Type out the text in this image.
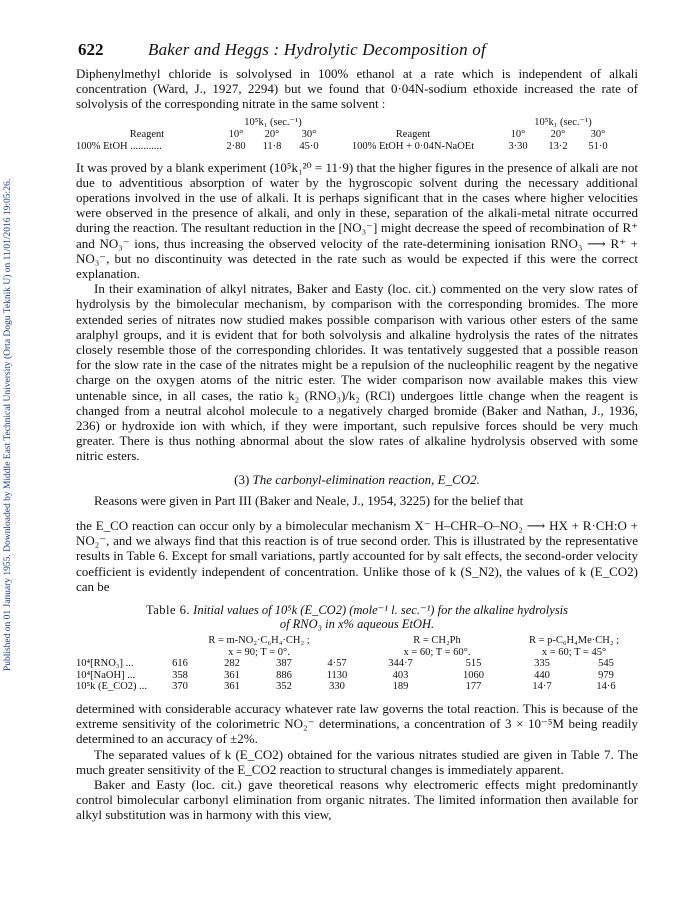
Published on 01 January 1955. Downloaded by Middle East Technical University (Orta Dogu Teknik U) on 11/01/2016 19:05:26.
622	Baker and Heggs : Hydrolytic Decomposition of

Diphenylmethyl chloride is solvolysed in 100% ethanol at a rate which is independent of alkali concentration (Ward, J., 1927, 2294) but we found that 0·04N-sodium ethoxide increased the rate of solvolysis of the corresponding nitrate in the same solvent :

10⁵k₁ (sec.⁻¹)	10⁵k₁ (sec.⁻¹)
Reagent	10°	20°	30°	Reagent	10°	20°	30°
100% EtOH ............	2·80	11·8	45·0	100% EtOH + 0·04N-NaOEt	3·30	13·2	51·0

It was proved by a blank experiment (10⁵k₁²⁰ = 11·9) that the higher figures in the presence of alkali are not due to adventitious absorption of water by the hygroscopic solvent during the necessary additional operations involved in the use of alkali. It is perhaps significant that in the cases where higher velocities were observed in the presence of alkali, and only in these, separation of the alkali-metal nitrate occurred during the reaction. The resultant reduction in the [NO₃⁻] might decrease the speed of recombination of R⁺ and NO₃⁻ ions, thus increasing the observed velocity of the rate-determining ionisation RNO₃ ⟶ R⁺ + NO₃⁻, but no discontinuity was detected in the rate such as would be expected if this were the correct explanation.

In their examination of alkyl nitrates, Baker and Easty (loc. cit.) commented on the very slow rates of hydrolysis by the bimolecular mechanism, by comparison with the corresponding bromides. The more extended series of nitrates now studied makes possible comparison with various other esters of the same aralphyl groups, and it is evident that for both solvolysis and alkaline hydrolysis the rates of the nitrates closely resemble those of the corresponding chlorides. It was tentatively suggested that a possible reason for the slow rate in the case of the nitrates might be a repulsion of the nucleophilic reagent by the negative charge on the oxygen atoms of the nitric ester. The wider comparison now available makes this view untenable since, in all cases, the ratio k₂ (RNO₃)/k₂ (RCl) undergoes little change when the reagent is changed from a neutral alcohol molecule to a negatively charged bromide (Baker and Nathan, J., 1936, 236) or hydroxide ion with which, if they were important, such repulsive forces should be very much greater. There is thus nothing abnormal about the slow rates of alkaline hydrolysis observed with some nitric esters.

(3) The carbonyl-elimination reaction, E_CO2.

Reasons were given in Part III (Baker and Neale, J., 1954, 3225) for the belief that

the E_CO reaction can occur only by a bimolecular mechanism X⁻ H–CHR–O–NO₂ ⟶ HX + R·CH:O + NO₂⁻, and we always find that this reaction is of true second order. This is illustrated by the representative results in Table 6. Except for small variations, partly accounted for by salt effects, the second-order velocity coefficient is evidently independent of concentration. Unlike those of k (S_N2), the values of k (E_CO2) can be

Table 6. Initial values of 10⁵k (E_CO2) (mole⁻¹ l. sec.⁻¹) for the alkaline hydrolysis
of RNO₃ in x% aqueous EtOH.
R = m-NO₂·C₆H₄·CH₂ ;	R = CH₂Ph	R = p-C₆H₄Me·CH₂ ;
x = 90; T = 0°.	x = 60; T = 60°.	x = 60; T = 45°
10⁴[RNO₃] ...	616	282	387	4·57	344·7	515	335	545
10⁴[NaOH] ...	358	361	886	1130	403	1060	440	979
10⁵k (E_CO2) ...	370	361	352	330	189	177	14·7	14·6

determined with considerable accuracy whatever rate law governs the total reaction. This is because of the extreme sensitivity of the colorimetric NO₂⁻ determinations, a concentration of 3 × 10⁻⁵M being readily determined to an accuracy of ±2%.

The separated values of k (E_CO2) obtained for the various nitrates studied are given in Table 7. The much greater sensitivity of the E_CO2 reaction to structural changes is immediately apparent.

Baker and Easty (loc. cit.) gave theoretical reasons why electromeric effects might predominantly control bimolecular carbonyl elimination from organic nitrates. The limited information then available for alkyl substitution was in harmony with this view,
